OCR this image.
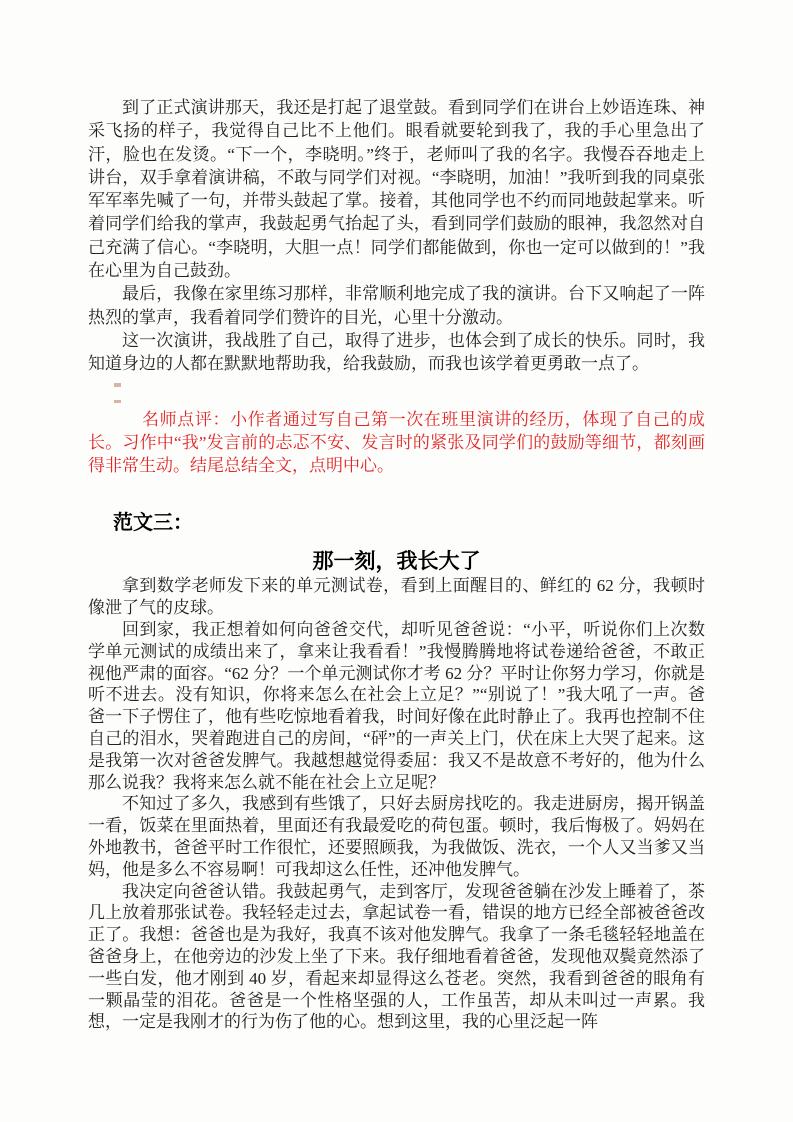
到了正式演讲那天，我还是打起了退堂鼓。看到同学们在讲台上妙语连珠、神采飞扬的样子，我觉得自己比不上他们。眼看就要轮到我了，我的手心里急出了汗，脸也在发烫。“下一个，李晓明。”终于，老师叫了我的名字。我慢吞吞地走上讲台，双手拿着演讲稿，不敢与同学们对视。“李晓明，加油！”我听到我的同桌张军军率先喊了一句，并带头鼓起了掌。接着，其他同学也不约而同地鼓起掌来。听着同学们给我的掌声，我鼓起勇气抬起了头，看到同学们鼓励的眼神，我忽然对自己充满了信心。“李晓明，大胆一点！同学们都能做到，你也一定可以做到的！”我在心里为自己鼓劲。

最后，我像在家里练习那样，非常顺利地完成了我的演讲。台下又响起了一阵热烈的掌声，我看着同学们赞许的目光，心里十分激动。

这一次演讲，我战胜了自己，取得了进步，也体会到了成长的快乐。同时，我知道身边的人都在默默地帮助我，给我鼓励，而我也该学着更勇敢一点了。

名师点评：小作者通过写自己第一次在班里演讲的经历，体现了自己的成长。习作中“我”发言前的忐忑不安、发言时的紧张及同学们的鼓励等细节，都刻画得非常生动。结尾总结全文，点明中心。

范文三：
那一刻，我长大了

拿到数学老师发下来的单元测试卷，看到上面醒目的、鲜红的 62 分，我顿时像泄了气的皮球。

回到家，我正想着如何向爸爸交代，却听见爸爸说：“小平，听说你们上次数学单元测试的成绩出来了，拿来让我看看！”我慢腾腾地将试卷递给爸爸，不敢正视他严肃的面容。“62 分？一个单元测试你才考 62 分？平时让你努力学习，你就是听不进去。没有知识，你将来怎么在社会上立足？”“别说了！”我大吼了一声。爸爸一下子愣住了，他有些吃惊地看着我，时间好像在此时静止了。我再也控制不住自己的泪水，哭着跑进自己的房间，“砰”的一声关上门，伏在床上大哭了起来。这是我第一次对爸爸发脾气。我越想越觉得委屈：我又不是故意不考好的，他为什么那么说我？我将来怎么就不能在社会上立足呢？

不知过了多久，我感到有些饿了，只好去厨房找吃的。我走进厨房，揭开锅盖一看，饭菜在里面热着，里面还有我最爱吃的荷包蛋。顿时，我后悔极了。妈妈在外地教书，爸爸平时工作很忙，还要照顾我，为我做饭、洗衣，一个人又当爹又当妈，他是多么不容易啊！可我却这么任性，还冲他发脾气。

我决定向爸爸认错。我鼓起勇气，走到客厅，发现爸爸躺在沙发上睡着了，茶几上放着那张试卷。我轻轻走过去，拿起试卷一看，错误的地方已经全部被爸爸改正了。我想：爸爸也是为我好，我真不该对他发脾气。我拿了一条毛毯轻轻地盖在爸爸身上，在他旁边的沙发上坐了下来。我仔细地看着爸爸，发现他双鬓竟然添了一些白发，他才刚到 40 岁，看起来却显得这么苍老。突然，我看到爸爸的眼角有一颗晶莹的泪花。爸爸是一个性格坚强的人，工作虽苦，却从未叫过一声累。我想，一定是我刚才的行为伤了他的心。想到这里，我的心里泛起一阵
